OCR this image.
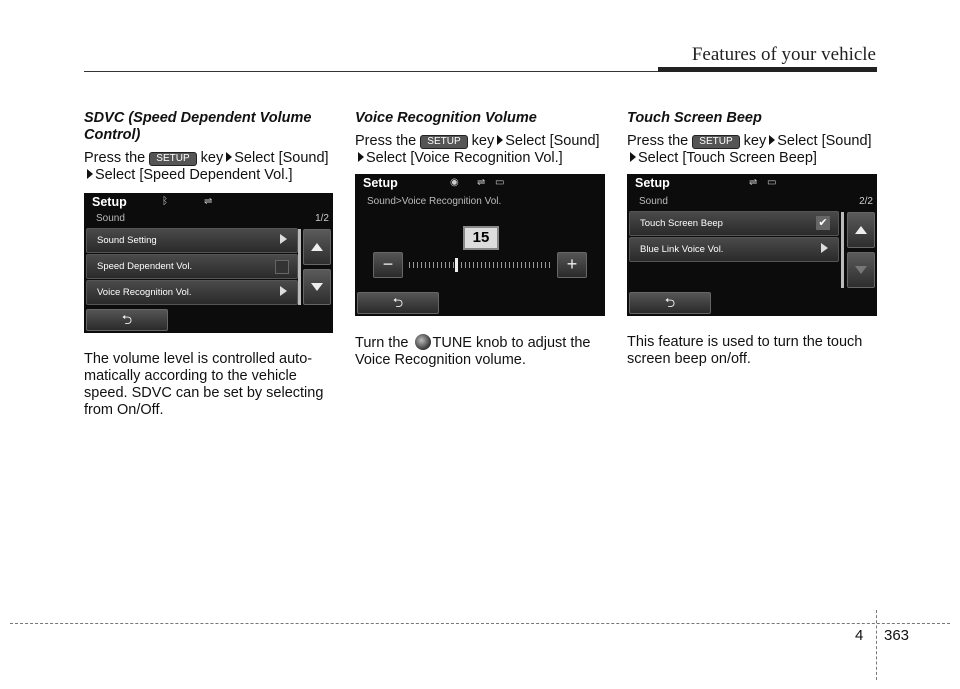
Features of your vehicle
SDVC (Speed Dependent Volume Control)
Press the SETUP key Select [Sound]
Select [Speed Dependent Vol.]
Setup	ᛒ	⇌
Sound	1/2
Sound Setting
Speed Dependent Vol.
Voice Recognition Vol.
⮌

The volume level is controlled auto-matically according to the vehicle speed. SDVC can be set by selecting from On/Off.

Voice Recognition Volume
Press the SETUP key Select [Sound]
Select [Voice Recognition Vol.]
Setup	◉ ⇌ ▭
Sound>Voice Recognition Vol.
15
−	+
⮌

Turn the TUNE knob to adjust the Voice Recognition volume.

Touch Screen Beep
Press the SETUP key Select [Sound]
Select [Touch Screen Beep]
Setup	⇌ ▭
Sound	2/2
Touch Screen Beep	✔
Blue Link Voice Vol.
⮌

This feature is used to turn the touch screen beep on/off.

4 363
